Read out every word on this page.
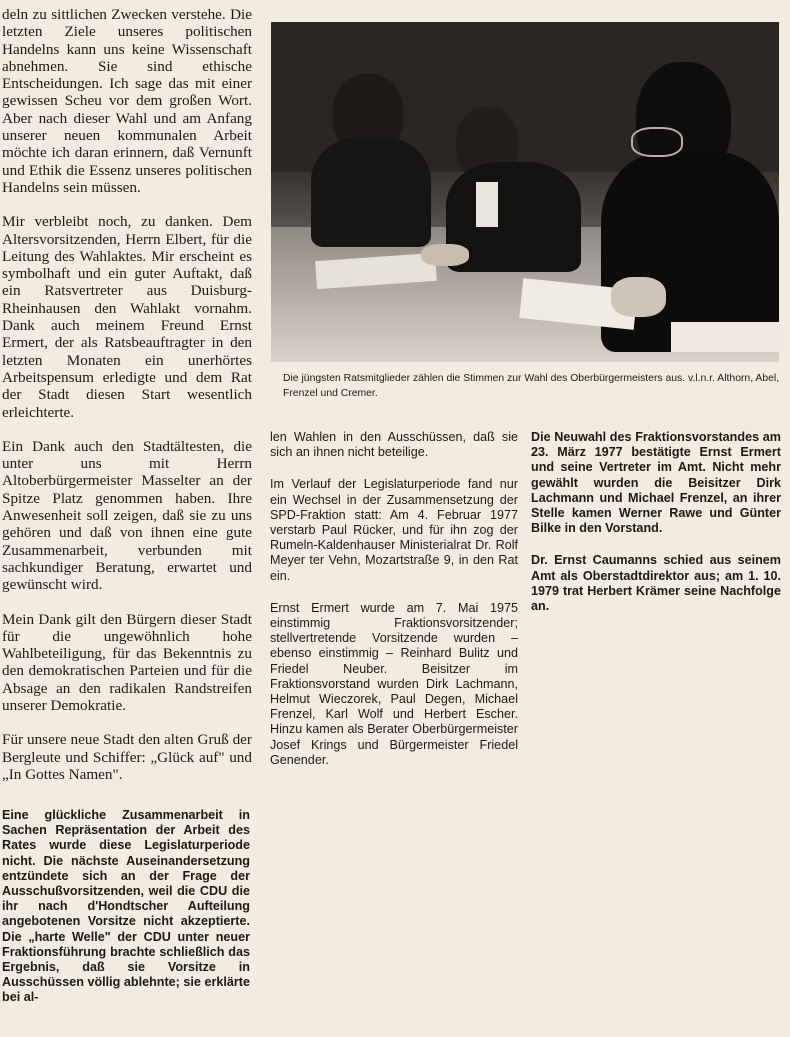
deln zu sittlichen Zwecken verstehe. Die letzten Ziele unseres politischen Handelns kann uns keine Wissenschaft abnehmen. Sie sind ethische Entscheidungen. Ich sage das mit einer gewissen Scheu vor dem großen Wort. Aber nach dieser Wahl und am Anfang unserer neuen kommunalen Arbeit möchte ich daran erinnern, daß Vernunft und Ethik die Essenz unseres politischen Handelns sein müssen.

Mir verbleibt noch, zu danken. Dem Altersvorsitzenden, Herrn Elbert, für die Leitung des Wahlaktes. Mir erscheint es symbolhaft und ein guter Auftakt, daß ein Ratsvertreter aus Duisburg-Rheinhausen den Wahlakt vornahm. Dank auch meinem Freund Ernst Ermert, der als Ratsbeauftragter in den letzten Monaten ein unerhörtes Arbeitspensum erledigte und dem Rat der Stadt diesen Start wesentlich erleichterte.

Ein Dank auch den Stadtältesten, die unter uns mit Herrn Altoberbürgermeister Masselter an der Spitze Platz genommen haben. Ihre Anwesenheit soll zeigen, daß sie zu uns gehören und daß von ihnen eine gute Zusammenarbeit, verbunden mit sachkundiger Beratung, erwartet und gewünscht wird.

Mein Dank gilt den Bürgern dieser Stadt für die ungewöhnlich hohe Wahlbeteiligung, für das Bekenntnis zu den demokratischen Parteien und für die Absage an den radikalen Randstreifen unserer Demokratie.

Für unsere neue Stadt den alten Gruß der Bergleute und Schiffer: „Glück auf" und „In Gottes Namen".

Eine glückliche Zusammenarbeit in Sachen Repräsentation der Arbeit des Rates wurde diese Legislaturperiode nicht. Die nächste Auseinandersetzung entzündete sich an der Frage der Ausschußvorsitzenden, weil die CDU die ihr nach d'Hondtscher Aufteilung angebotenen Vorsitze nicht akzeptierte. Die „harte Welle" der CDU unter neuer Fraktionsführung brachte schließlich das Ergebnis, daß sie Vorsitze in Ausschüssen völlig ablehnte; sie erklärte bei al-

Die jüngsten Ratsmitglieder zählen die Stimmen zur Wahl des Oberbürgermeisters aus. v.l.n.r. Althorn, Abel, Frenzel und Cremer.

len Wahlen in den Ausschüssen, daß sie sich an ihnen nicht beteilige.

Im Verlauf der Legislaturperiode fand nur ein Wechsel in der Zusammensetzung der SPD-Fraktion statt: Am 4. Februar 1977 verstarb Paul Rücker, und für ihn zog der Rumeln-Kaldenhauser Ministerialrat Dr. Rolf Meyer ter Vehn, Mozartstraße 9, in den Rat ein.

Ernst Ermert wurde am 7. Mai 1975 einstimmig Fraktionsvorsitzender; stellvertretende Vorsitzende wurden – ebenso einstimmig – Reinhard Bulitz und Friedel Neuber. Beisitzer im Fraktionsvorstand wurden Dirk Lachmann, Helmut Wieczorek, Paul Degen, Michael Frenzel, Karl Wolf und Herbert Escher. Hinzu kamen als Berater Oberbürgermeister Josef Krings und Bürgermeister Friedel Genender.

Die Neuwahl des Fraktionsvorstandes am 23. März 1977 bestätigte Ernst Ermert und seine Vertreter im Amt. Nicht mehr gewählt wurden die Beisitzer Dirk Lachmann und Michael Frenzel, an ihrer Stelle kamen Werner Rawe und Günter Bilke in den Vorstand.

Dr. Ernst Caumanns schied aus seinem Amt als Oberstadtdirektor aus; am 1. 10. 1979 trat Herbert Krämer seine Nachfolge an.
